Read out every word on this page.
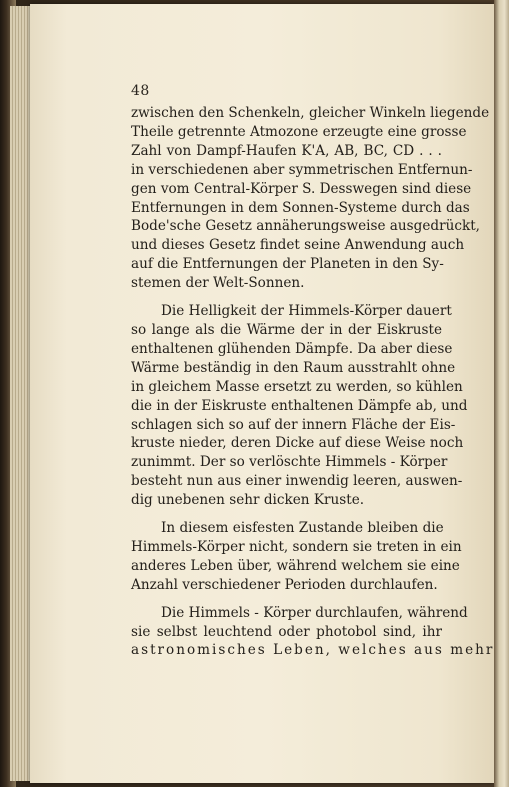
48

zwischen den Schenkeln, gleicher Winkeln liegende
Theile getrennte Atmozone erzeugte eine grosse
Zahl von Dampf-Haufen K'A, AB, BC, CD . . .
in verschiedenen aber symmetrischen Entfernun-
gen vom Central-Körper S. Desswegen sind diese
Entfernungen in dem Sonnen-Systeme durch das
Bode'sche Gesetz annäherungsweise ausgedrückt,
und dieses Gesetz findet seine Anwendung auch
auf die Entfernungen der Planeten in den Sy-
stemen der Welt-Sonnen.

Die Helligkeit der Himmels-Körper dauert
so lange als die Wärme der in der Eiskruste
enthaltenen glühenden Dämpfe. Da aber diese
Wärme beständig in den Raum ausstrahlt ohne
in gleichem Masse ersetzt zu werden, so kühlen
die in der Eiskruste enthaltenen Dämpfe ab, und
schlagen sich so auf der innern Fläche der Eis-
kruste nieder, deren Dicke auf diese Weise noch
zunimmt. Der so verlöschte Himmels - Körper
besteht nun aus einer inwendig leeren, auswen-
dig unebenen sehr dicken Kruste.

In diesem eisfesten Zustande bleiben die
Himmels-Körper nicht, sondern sie treten in ein
anderes Leben über, während welchem sie eine
Anzahl verschiedener Perioden durchlaufen.

Die Himmels - Körper durchlaufen, während
sie selbst leuchtend oder photobol sind, ihr
astronomisches Leben, welches aus mehr
